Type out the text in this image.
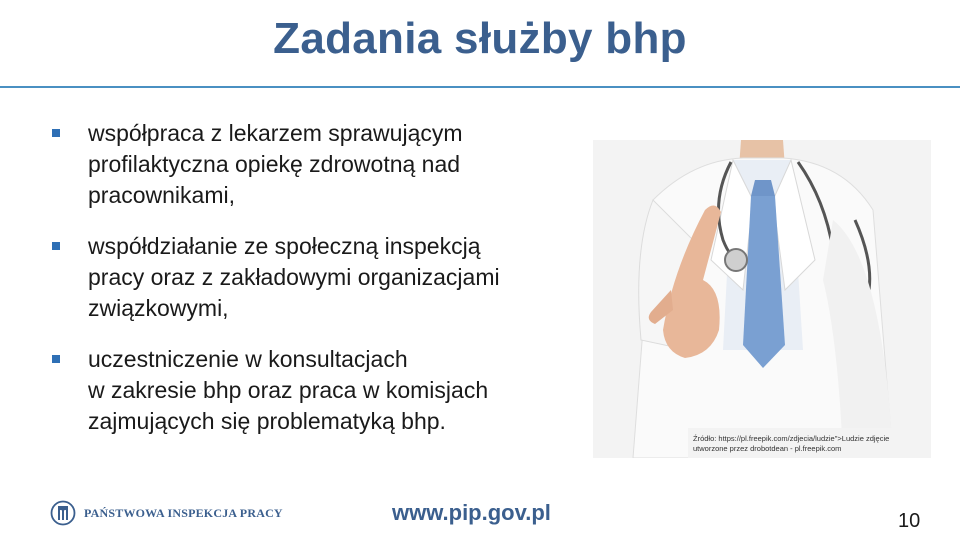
Zadania służby bhp
współpraca z lekarzem sprawującym
profilaktyczna opiekę zdrowotną nad
pracownikami,
współdziałanie ze społeczną inspekcją
pracy oraz z zakładowymi organizacjami
związkowymi,
uczestniczenie w konsultacjach
w zakresie bhp oraz praca w komisjach
zajmujących się problematyką bhp.
Źródło: https://pl.freepik.com/zdjecia/ludzie">Ludzie zdjęcie
utworzone przez drobotdean - pl.freepik.com
PAŃSTWOWA INSPEKCJA PRACY	www.pip.gov.pl	10
